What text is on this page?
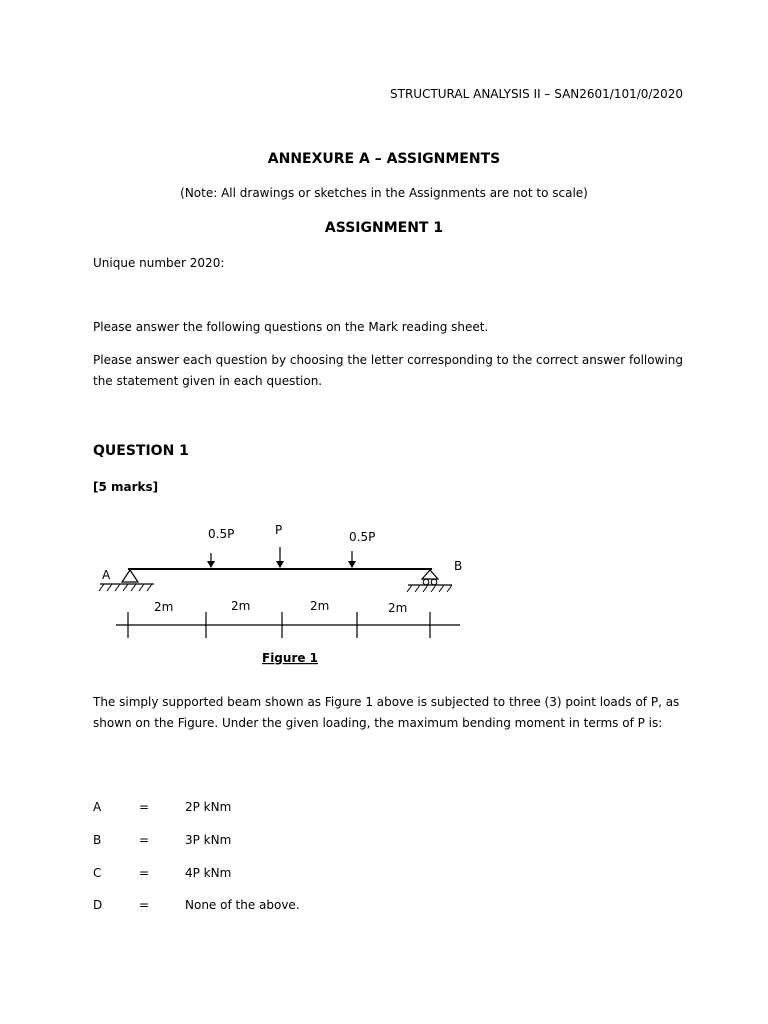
STRUCTURAL ANALYSIS II – SAN2601/101/0/2020
ANNEXURE A – ASSIGNMENTS
(Note: All drawings or sketches in the Assignments are not to scale)
ASSIGNMENT 1
Unique number 2020:
Please answer the following questions on the Mark reading sheet.
Please answer each question by choosing the letter corresponding to the correct answer following the statement given in each question.
QUESTION 1
[5 marks]
0.5P	P	0.5P
A
B
2m	2m	2m	2m
Figure 1
The simply supported beam shown as Figure 1 above is subjected to three (3) point loads of P, as shown on the Figure. Under the given loading, the maximum bending moment in terms of P is:
A	=	2P kNm
B	=	3P kNm
C	=	4P kNm
D	=	None of the above.
